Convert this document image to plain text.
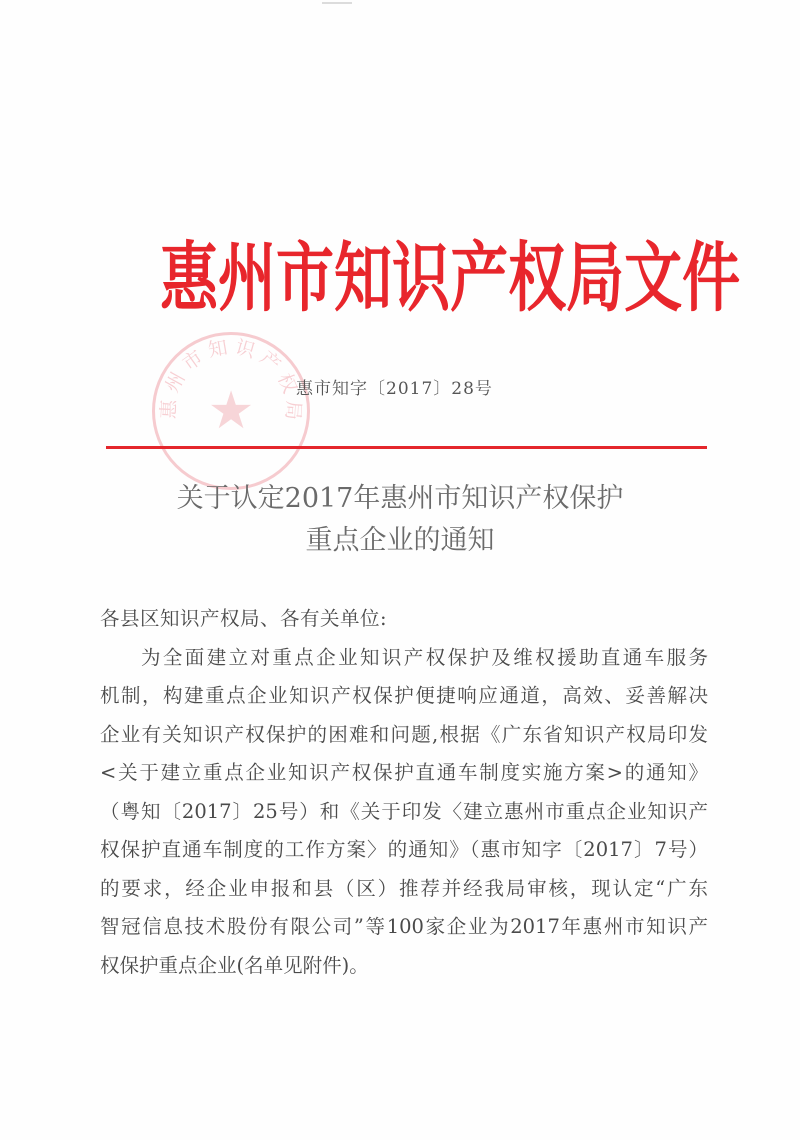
惠 州 市 知 识 产 权 局 文 件
惠州市知识产权局
★ 惠市知字〔2017〕28号
关于认定2017年惠州市知识产权保护
重点企业的通知
各县区知识产权局、各有关单位:
为全面建立对重点企业知识产权保护及维权援助直通车服务
机制，构建重点企业知识产权保护便捷响应通道，高效、妥善解决
企业有关知识产权保护的困难和问题,根据《广东省知识产权局印发
<关于建立重点企业知识产权保护直通车制度实施方案>的通知》
（粤知〔2017〕25号）和《关于印发〈建立惠州市重点企业知识产
权保护直通车制度的工作方案〉的通知》（惠市知字〔2017〕7号）
的要求，经企业申报和县（区）推荐并经我局审核，现认定“广东
智冠信息技术股份有限公司”等100家企业为2017年惠州市知识产
权保护重点企业(名单见附件)。
